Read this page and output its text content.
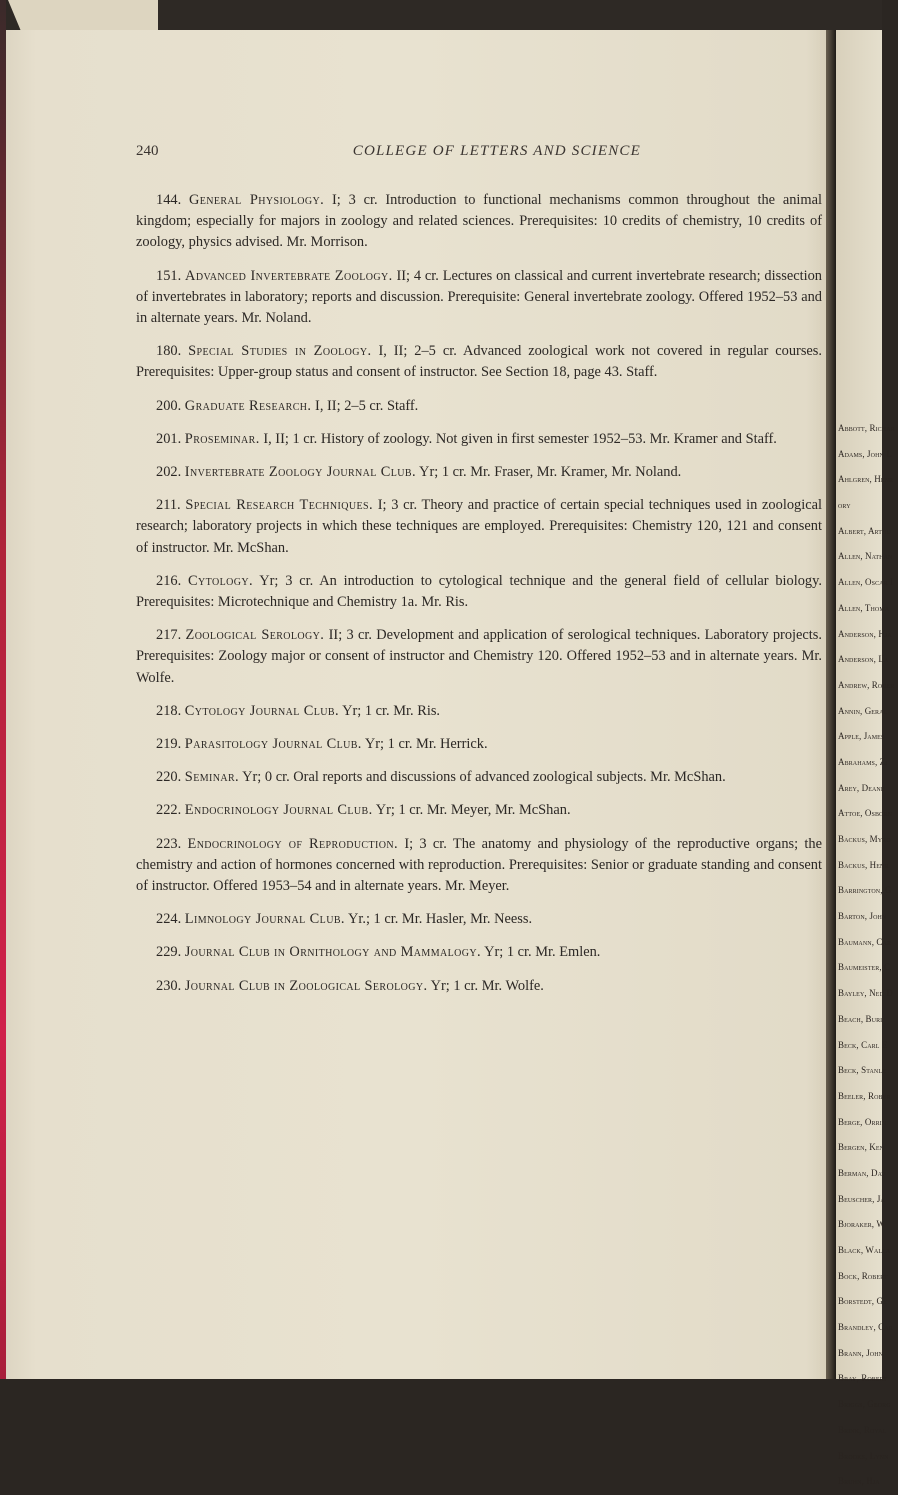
Abbott, Richar
Adams, John L
Ahlgren, Henr
ory
Albert, Arthu
Allen, Nathan
Allen, Oscar I
Allen, Thoma
Anderson, Hja
Anderson, La
Andrew, Rober
Annin, Geral
Apple, James
Abrahams, Zi
Arey, Deane
Attoe, Osborn
Backus, Myro
Backus, Henr
Barrington, G
Barton, John
Baumann, Car
Baumeister, C
Bayley, Ned D
Beach, Buri
Beck, Carl E
Beck, Stanle
Beeler, Rober
Berge, Orrin
Bergen, Ken
Berman, Dav
Beuscher, Ja
Bjoraker, W
Black, Walla
Bock, Robert
Borstedt, Ge
Brandley, Car
Brann, John
Bray, Robert
Briggs, Georg
Brink, Royal
Brooks, Lynn
Bruhn, Hja
240	COLLEGE OF LETTERS AND SCIENCE

144. General Physiology. I; 3 cr. Introduction to functional mechanisms common throughout the animal kingdom; especially for majors in zoology and related sciences. Prerequisites: 10 credits of chemistry, 10 credits of zoology, physics advised. Mr. Morrison.

151. Advanced Invertebrate Zoology. II; 4 cr. Lectures on classical and current invertebrate research; dissection of invertebrates in laboratory; reports and discussion. Prerequisite: General invertebrate zoology. Offered 1952–53 and in alternate years. Mr. Noland.

180. Special Studies in Zoology. I, II; 2–5 cr. Advanced zoological work not covered in regular courses. Prerequisites: Upper-group status and consent of instructor. See Section 18, page 43. Staff.

200. Graduate Research. I, II; 2–5 cr. Staff.

201. Proseminar. I, II; 1 cr. History of zoology. Not given in first semester 1952–53. Mr. Kramer and Staff.

202. Invertebrate Zoology Journal Club. Yr; 1 cr. Mr. Fraser, Mr. Kramer, Mr. Noland.

211. Special Research Techniques. I; 3 cr. Theory and practice of certain special techniques used in zoological research; laboratory projects in which these techniques are employed. Prerequisites: Chemistry 120, 121 and consent of instructor. Mr. McShan.

216. Cytology. Yr; 3 cr. An introduction to cytological technique and the general field of cellular biology. Prerequisites: Microtechnique and Chemistry 1a. Mr. Ris.

217. Zoological Serology. II; 3 cr. Development and application of serological techniques. Laboratory projects. Prerequisites: Zoology major or consent of instructor and Chemistry 120. Offered 1952–53 and in alternate years. Mr. Wolfe.

218. Cytology Journal Club. Yr; 1 cr. Mr. Ris.

219. Parasitology Journal Club. Yr; 1 cr. Mr. Herrick.

220. Seminar. Yr; 0 cr. Oral reports and discussions of advanced zoological subjects. Mr. McShan.

222. Endocrinology Journal Club. Yr; 1 cr. Mr. Meyer, Mr. McShan.

223. Endocrinology of Reproduction. I; 3 cr. The anatomy and physiology of the reproductive organs; the chemistry and action of hormones concerned with reproduction. Prerequisites: Senior or graduate standing and consent of instructor. Offered 1953–54 and in alternate years. Mr. Meyer.

224. Limnology Journal Club. Yr.; 1 cr. Mr. Hasler, Mr. Neess.

229. Journal Club in Ornithology and Mammalogy. Yr; 1 cr. Mr. Emlen.

230. Journal Club in Zoological Serology. Yr; 1 cr. Mr. Wolfe.
